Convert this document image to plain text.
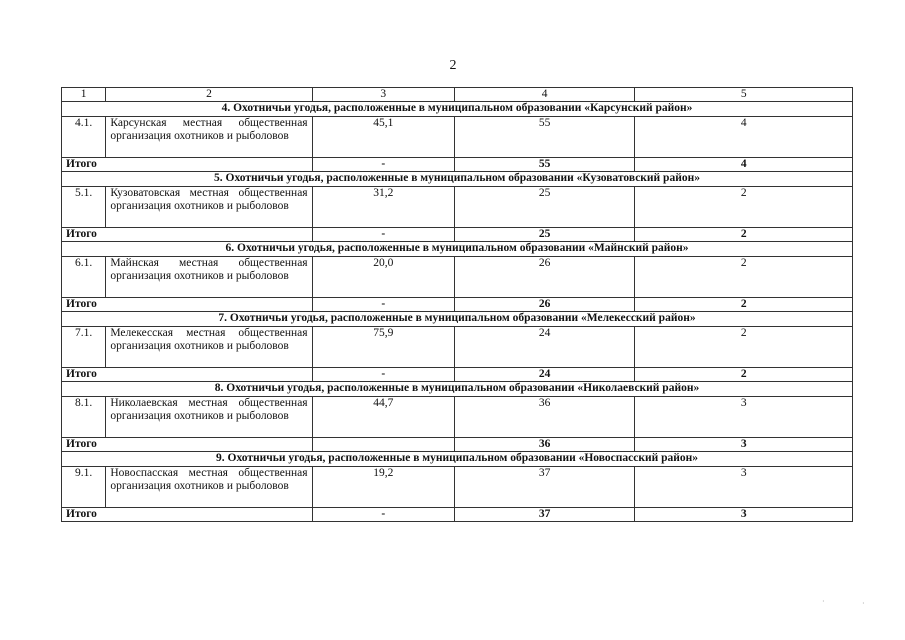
2
1	2	3	4	5
4. Охотничьи угодья, расположенные в муниципальном образовании «Карсунский район»				
4.1.	Карсунская местная общественная организация охотников и рыболовов	45,1	55	4
Итого		-	55	4
5. Охотничьи угодья, расположенные в муниципальном образовании «Кузоватовский район»				
5.1.	Кузоватовская местная общественная организация охотников и рыболовов	31,2	25	2
Итого		-	25	2
6. Охотничьи угодья, расположенные в муниципальном образовании «Майнский район»				
6.1.	Майнская местная общественная организация охотников и рыболовов	20,0	26	2
Итого		-	26	2
7. Охотничьи угодья, расположенные в муниципальном образовании «Мелекесский район»				
7.1.	Мелекесская местная общественная организация охотников и рыболовов	75,9	24	2
Итого		-	24	2
8. Охотничьи угодья, расположенные в муниципальном образовании «Николаевский район»				
8.1.	Николаевская местная общественная организация охотников и рыболовов	44,7	36	3
Итого			36	3
9. Охотничьи угодья, расположенные в муниципальном образовании «Новоспасский район»				
9.1.	Новоспасская местная общественная организация охотников и рыболовов	19,2	37	3
Итого		-	37	3
·	·
